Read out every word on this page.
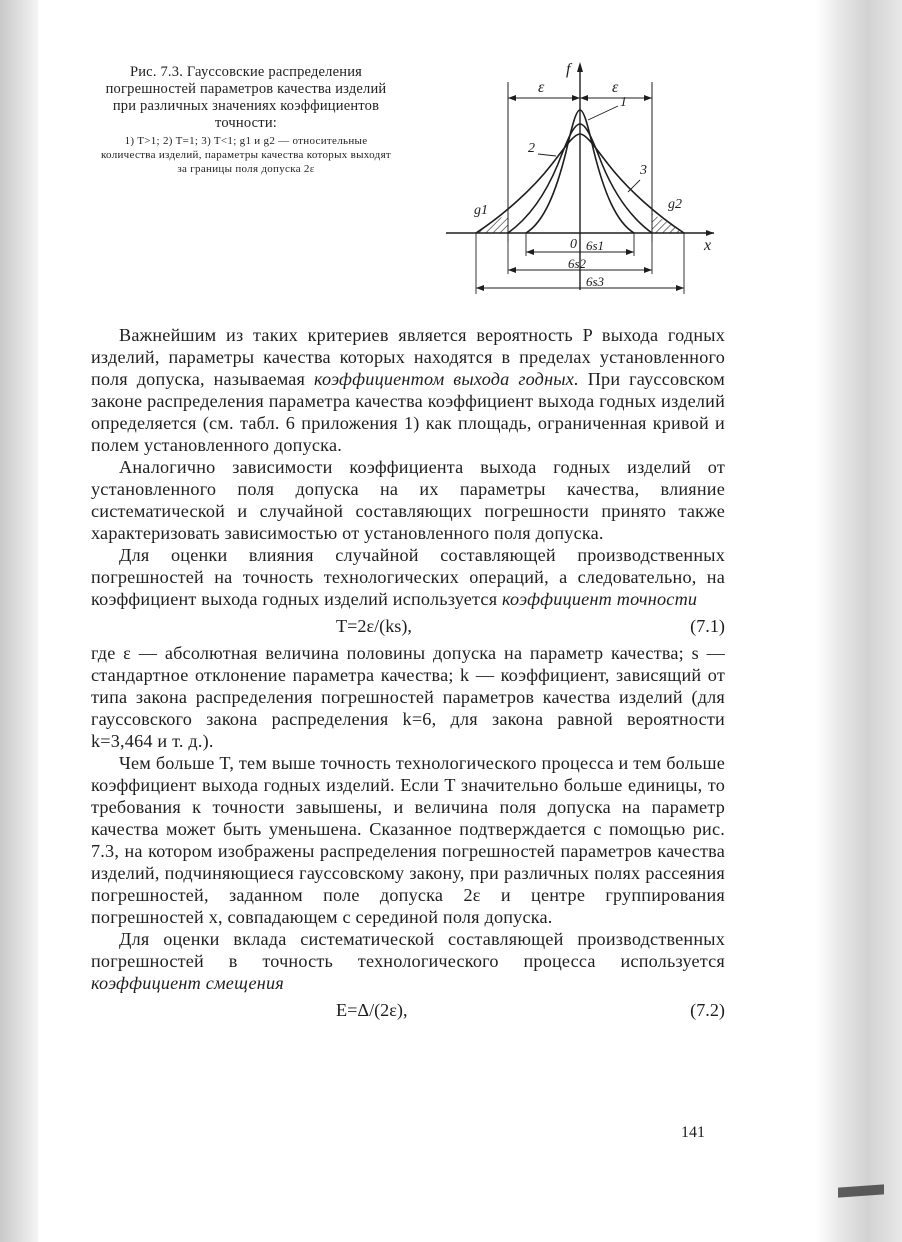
Рис. 7.3. Гауссовские распределения погрешностей параметров качества изделий при различных значениях коэффициентов точности:
1) T>1; 2) T=1; 3) T<1; g1 и g2 — относительные количества изделий, параметры качества которых выходят за границы поля допуска 2ε
f
x
ε	ε
1
2
3
g1	g2
0 6s1
6s2
6s3

Важнейшим из таких критериев является вероятность P выхода годных изделий, параметры качества которых находятся в пределах установленного поля допуска, называемая коэффициентом выхода годных. При гауссовском законе распределения параметра качества коэффициент выхода годных изделий определяется (см. табл. 6 приложения 1) как площадь, ограниченная кривой и полем установленного допуска.

Аналогично зависимости коэффициента выхода годных изделий от установленного поля допуска на их параметры качества, влияние систематической и случайной составляющих погрешности принято также характеризовать зависимостью от установленного поля допуска.

Для оценки влияния случайной составляющей производственных погрешностей на точность технологических операций, а следовательно, на коэффициент выхода годных изделий используется коэффициент точности

T=2ε/(ks),	(7.1)

где ε — абсолютная величина половины допуска на параметр качества; s — стандартное отклонение параметра качества; k — коэффициент, зависящий от типа закона распределения погрешностей параметров качества изделий (для гауссовского закона распределения k=6, для закона равной вероятности k=3,464 и т. д.).

Чем больше T, тем выше точность технологического процесса и тем больше коэффициент выхода годных изделий. Если T значительно больше единицы, то требования к точности завышены, и величина поля допуска на параметр качества может быть уменьшена. Сказанное подтверждается с помощью рис. 7.3, на котором изображены распределения погрешностей параметров качества изделий, подчиняющиеся гауссовскому закону, при различных полях рассеяния погрешностей, заданном поле допуска 2ε и центре группирования погрешностей x, совпадающем с серединой поля допуска.

Для оценки вклада систематической составляющей производственных погрешностей в точность технологического процесса используется коэффициент смещения

E=Δ/(2ε),	(7.2)
141
